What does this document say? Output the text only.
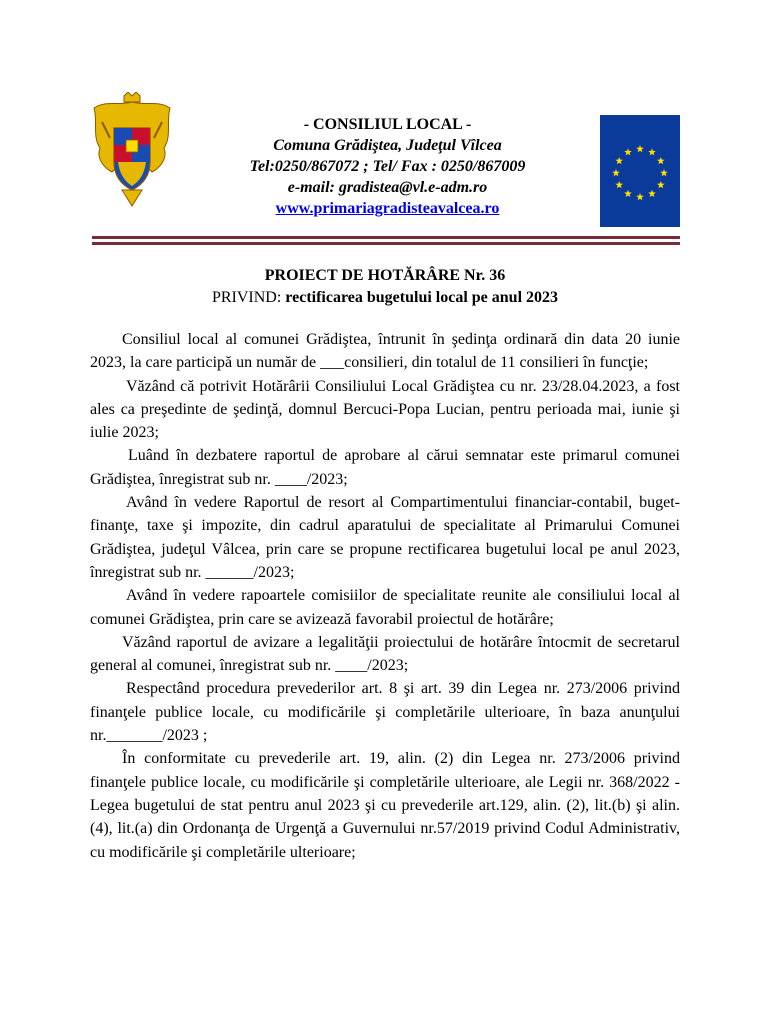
- CONSILIUL LOCAL -
Comuna Grădiştea, Judeţul Vîlcea
Tel:0250/867072 ; Tel/ Fax : 0250/867009
e-mail: gradistea@vl.e-adm.ro
www.primariagradisteavalcea.ro
PROIECT DE HOTĂRÂRE Nr. 36
PRIVIND: rectificarea bugetului local pe anul 2023

Consiliul local al comunei Grădiştea, întrunit în şedinţa ordinară din data 20 iunie 2023, la care participă un număr de ___consilieri, din totalul de 11 consilieri în funcţie;

Văzând că potrivit Hotărârii Consiliului Local Grădiştea cu nr. 23/28.04.2023, a fost ales ca preşedinte de şedinţă, domnul Bercuci-Popa Lucian, pentru perioada mai, iunie şi iulie 2023;

Luând în dezbatere raportul de aprobare al cărui semnatar este primarul comunei Grădiştea, înregistrat sub nr. ____/2023;

Având în vedere Raportul de resort al Compartimentului financiar-contabil, buget-finanţe, taxe şi impozite, din cadrul aparatului de specialitate al Primarului Comunei Grădiştea, judeţul Vâlcea, prin care se propune rectificarea bugetului local pe anul 2023, înregistrat sub nr. ______/2023;

Având în vedere rapoartele comisiilor de specialitate reunite ale consiliului local al comunei Grădiştea, prin care se avizează favorabil proiectul de hotărâre;

Văzând raportul de avizare a legalităţii proiectului de hotărâre întocmit de secretarul general al comunei, înregistrat sub nr. ____/2023;

Respectând procedura prevederilor art. 8 şi art. 39 din Legea nr. 273/2006 privind finanţele publice locale, cu modificările şi completările ulterioare, în baza anunţului nr._______/2023 ;

În conformitate cu prevederile art. 19, alin. (2) din Legea nr. 273/2006 privind finanţele publice locale, cu modificările şi completările ulterioare, ale Legii nr. 368/2022 - Legea bugetului de stat pentru anul 2023 şi cu prevederile art.129, alin. (2), lit.(b) şi alin. (4), lit.(a) din Ordonanţa de Urgenţă a Guvernului nr.57/2019 privind Codul Administrativ, cu modificările şi completările ulterioare;
